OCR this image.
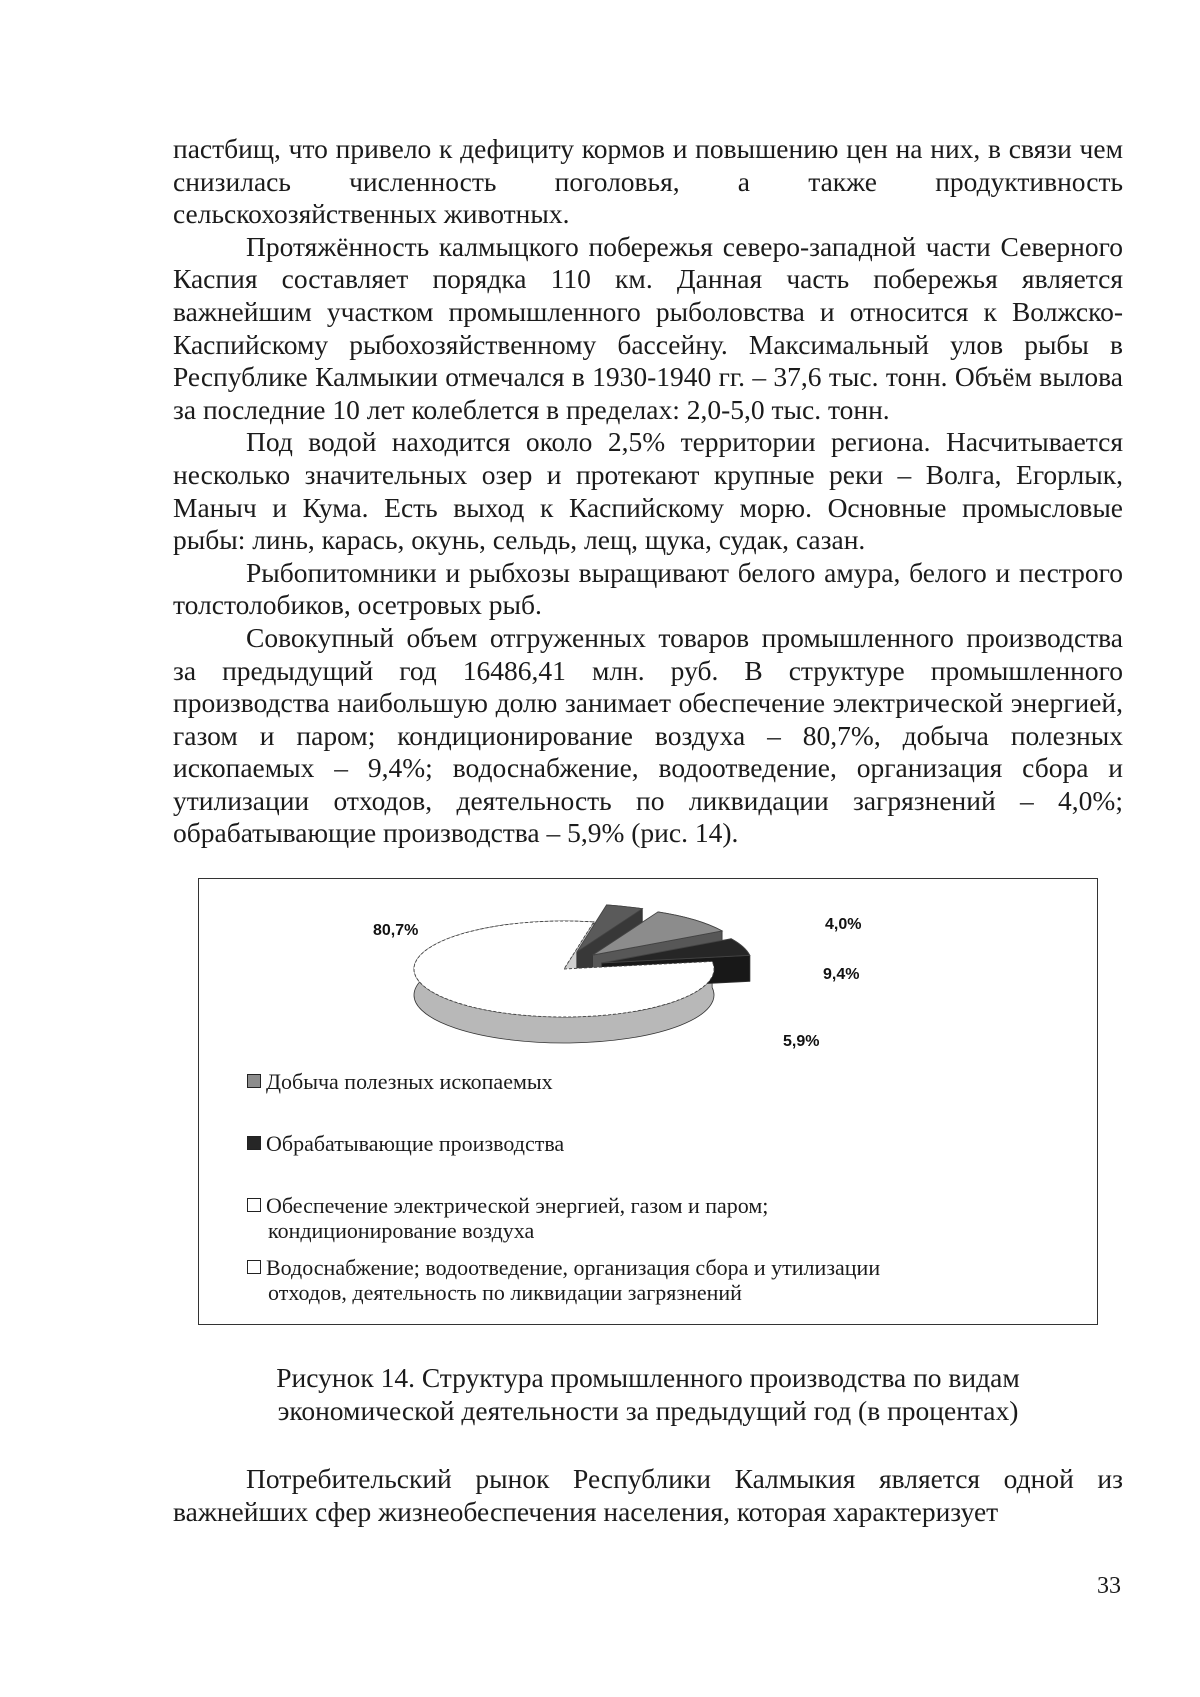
пастбищ, что привело к дефициту кормов и повышению цен на них, в связи чем снизилась численность поголовья, а также продуктивность сельскохозяйственных животных.

Протяжённость калмыцкого побережья северо-западной части Северного Каспия составляет порядка 110 км. Данная часть побережья является важнейшим участком промышленного рыболовства и относится к Волжско-Каспийскому рыбохозяйственному бассейну. Максимальный улов рыбы в Республике Калмыкии отмечался в 1930-1940 гг. – 37,6 тыс. тонн. Объём вылова за последние 10 лет колеблется в пределах: 2,0-5,0 тыс. тонн.

Под водой находится около 2,5% территории региона. Насчитывается несколько значительных озер и протекают крупные реки – Волга, Егорлык, Маныч и Кума. Есть выход к Каспийскому морю. Основные промысловые рыбы: линь, карась, окунь, сельдь, лещ, щука, судак, сазан.

Рыбопитомники и рыбхозы выращивают белого амура, белого и пестрого толстолобиков, осетровых рыб.

Совокупный объем отгруженных товаров промышленного производства за предыдущий год 16486,41 млн. руб. В структуре промышленного производства наибольшую долю занимает обеспечение электрической энергией, газом и паром; кондиционирование воздуха – 80,7%, добыча полезных ископаемых – 9,4%; водоснабжение, водоотведение, организация сбора и утилизации отходов, деятельность по ликвидации загрязнений – 4,0%; обрабатывающие производства – 5,9% (рис. 14).

80,7%	4,0%
9,4%
5,9%
Добыча полезных ископаемых
Обрабатывающие производства
Обеспечение электрической энергией, газом и паром;
кондиционирование воздуха
Водоснабжение; водоотведение, организация сбора и утилизации
отходов, деятельность по ликвидации загрязнений
Рисунок 14. Структура промышленного производства по видам
экономической деятельности за предыдущий год (в процентах)

Потребительский рынок Республики Калмыкия является одной из важнейших сфер жизнеобеспечения населения, которая характеризует

33
